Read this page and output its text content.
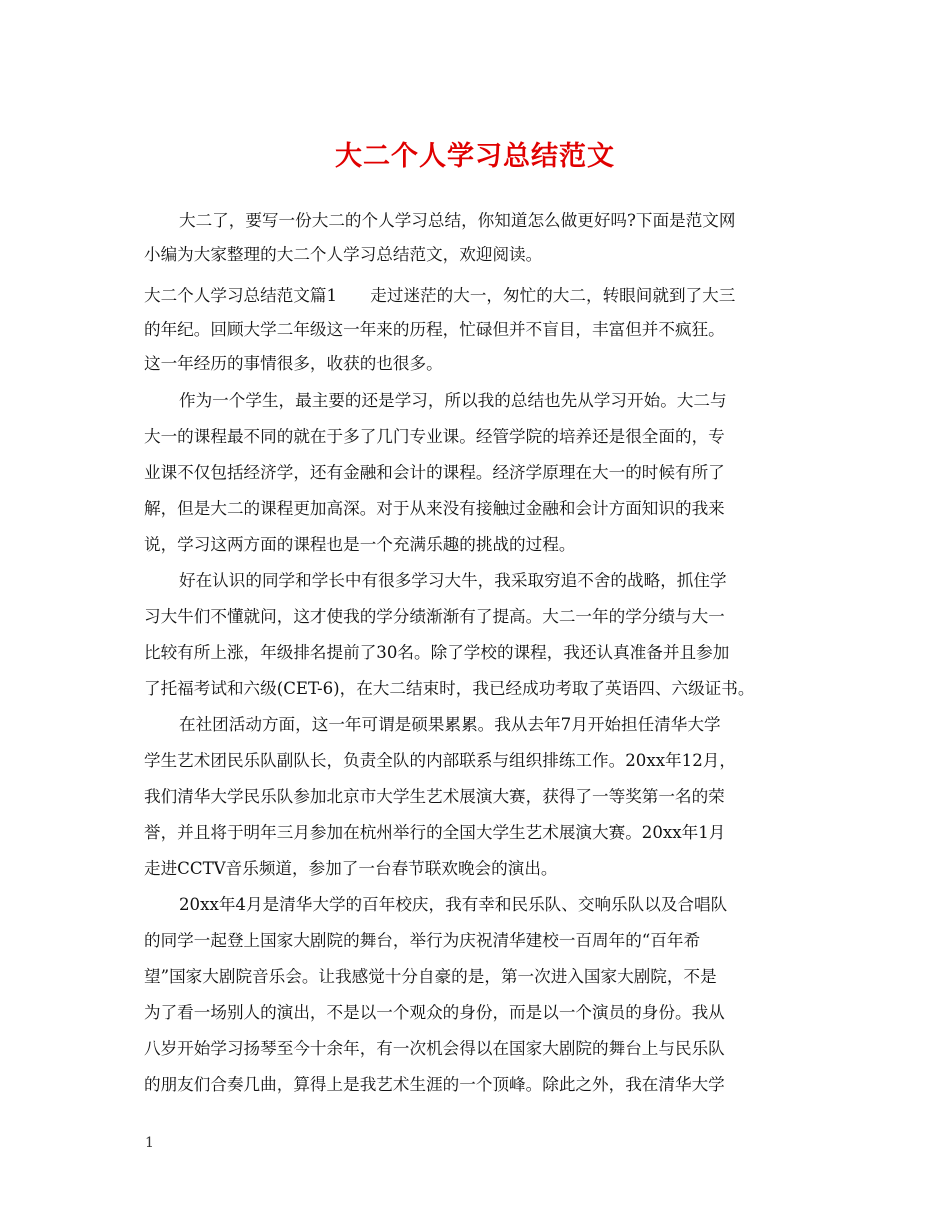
大二个人学习总结范文
大二了，要写一份大二的个人学习总结，你知道怎么做更好吗?下面是范文网
小编为大家整理的大二个人学习总结范文，欢迎阅读。
大二个人学习总结范文篇1　　走过迷茫的大一，匆忙的大二，转眼间就到了大三
的年纪。回顾大学二年级这一年来的历程，忙碌但并不盲目，丰富但并不疯狂。
这一年经历的事情很多，收获的也很多。
作为一个学生，最主要的还是学习，所以我的总结也先从学习开始。大二与
大一的课程最不同的就在于多了几门专业课。经管学院的培养还是很全面的，专
业课不仅包括经济学，还有金融和会计的课程。经济学原理在大一的时候有所了
解，但是大二的课程更加高深。对于从来没有接触过金融和会计方面知识的我来
说，学习这两方面的课程也是一个充满乐趣的挑战的过程。
好在认识的同学和学长中有很多学习大牛，我采取穷追不舍的战略，抓住学
习大牛们不懂就问，这才使我的学分绩渐渐有了提高。大二一年的学分绩与大一
比较有所上涨，年级排名提前了30名。除了学校的课程，我还认真准备并且参加
了托福考试和六级(CET-6)，在大二结束时，我已经成功考取了英语四、六级证书。
在社团活动方面，这一年可谓是硕果累累。我从去年7月开始担任清华大学
学生艺术团民乐队副队长，负责全队的内部联系与组织排练工作。20xx年12月，
我们清华大学民乐队参加北京市大学生艺术展演大赛，获得了一等奖第一名的荣
誉，并且将于明年三月参加在杭州举行的全国大学生艺术展演大赛。20xx年1月
走进CCTV音乐频道，参加了一台春节联欢晚会的演出。
20xx年4月是清华大学的百年校庆，我有幸和民乐队、交响乐队以及合唱队
的同学一起登上国家大剧院的舞台，举行为庆祝清华建校一百周年的“百年希
望”国家大剧院音乐会。让我感觉十分自豪的是，第一次进入国家大剧院，不是
为了看一场别人的演出，不是以一个观众的身份，而是以一个演员的身份。我从
八岁开始学习扬琴至今十余年，有一次机会得以在国家大剧院的舞台上与民乐队
的朋友们合奏几曲，算得上是我艺术生涯的一个顶峰。除此之外，我在清华大学
1
